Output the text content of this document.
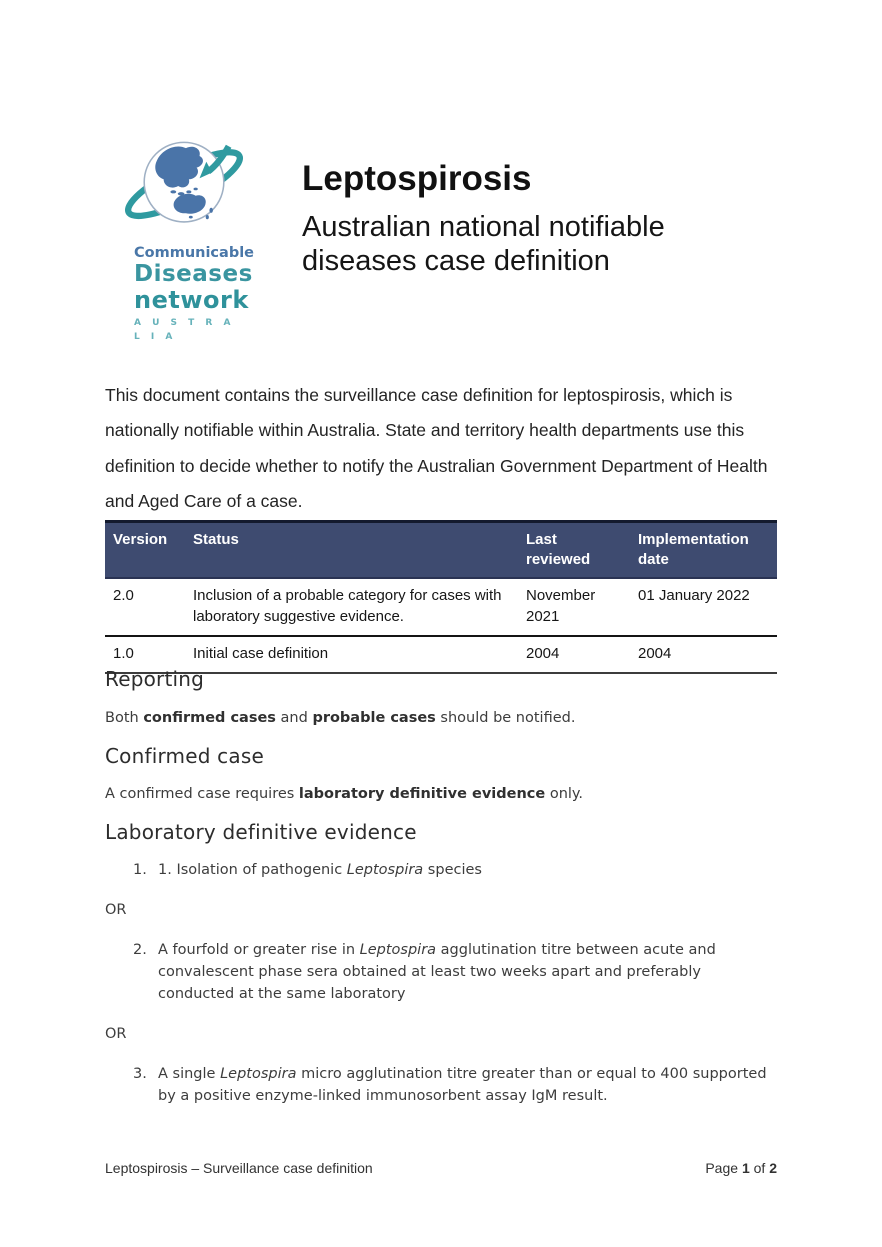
Communicable
Diseases
network
A U S T R A L I A
Leptospirosis
Australian national notifiable
diseases case definition

This document contains the surveillance case definition for leptospirosis, which is nationally notifiable within Australia. State and territory health departments use this definition to decide whether to notify the Australian Government Department of Health and Aged Care of a case.

Version	Status	Last reviewed	Implementation date
2.0	Inclusion of a probable category for cases with laboratory suggestive evidence.	November 2021	01 January 2022
1.0	Initial case definition	2004	2004
Reporting

Both confirmed cases and probable cases should be notified.

Confirmed case

A confirmed case requires laboratory definitive evidence only.

Laboratory definitive evidence
1. 1. Isolation of pathogenic Leptospira species
OR
2. A fourfold or greater rise in Leptospira agglutination titre between acute and convalescent phase sera obtained at least two weeks apart and preferably conducted at the same laboratory
OR
3. A single Leptospira micro agglutination titre greater than or equal to 400 supported by a positive enzyme-linked immunosorbent assay IgM result.
Leptospirosis – Surveillance case definition	Page 1 of 2
